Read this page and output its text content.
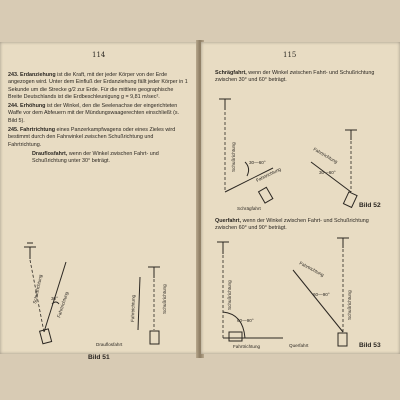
114

243. Erdanziehung ist die Kraft, mit der jeder Körper von der Erde angezogen wird. Unter dem Einfluß der Erdanziehung fällt jeder Körper in 1 Sekunde um die Strecke g/2 zur Erde. Für die mittlere geographische Breite Deutschlands ist die Erdbeschleunigung g = 9,81 m/sec².

244. Erhöhung ist der Winkel, den die Seelenachse der eingerichteten Waffe vor dem Abfeuern mit der Mündungswaagerechten einschließt (s. Bild 5).

245. Fahrtrichtung eines Panzerkampfwagens oder eines Zieles wird bestimmt durch den Fahrwinkel zwischen Schußrichtung und Fahrtrichtung.

Drauflosfahrt, wenn der Winkel zwischen Fahrt- und Schußrichtung unter 30° beträgt.

Schußrichtung
Fahrtrichtung
30°	Schußrichtung
Fahrtrichtung
Drauflosfahrt
Bild 51
115

Schrägfahrt, wenn der Winkel zwischen Fahrt- und Schußrichtung zwischen 30° und 60° beträgt.

Schußrichtung	30—60°
Fahrtrichtung
Fahrtrichtung
30—60°
Schrägfahrt	Bild 52

Querfahrt, wenn der Winkel zwischen Fahrt- und Schußrichtung zwischen 60° und 90° beträgt.

Schußrichtung
60—90°
Fahrtrichtung
Fahrtrichtung
60—90°	Schußrichtung
Querfahrt	Bild 53
